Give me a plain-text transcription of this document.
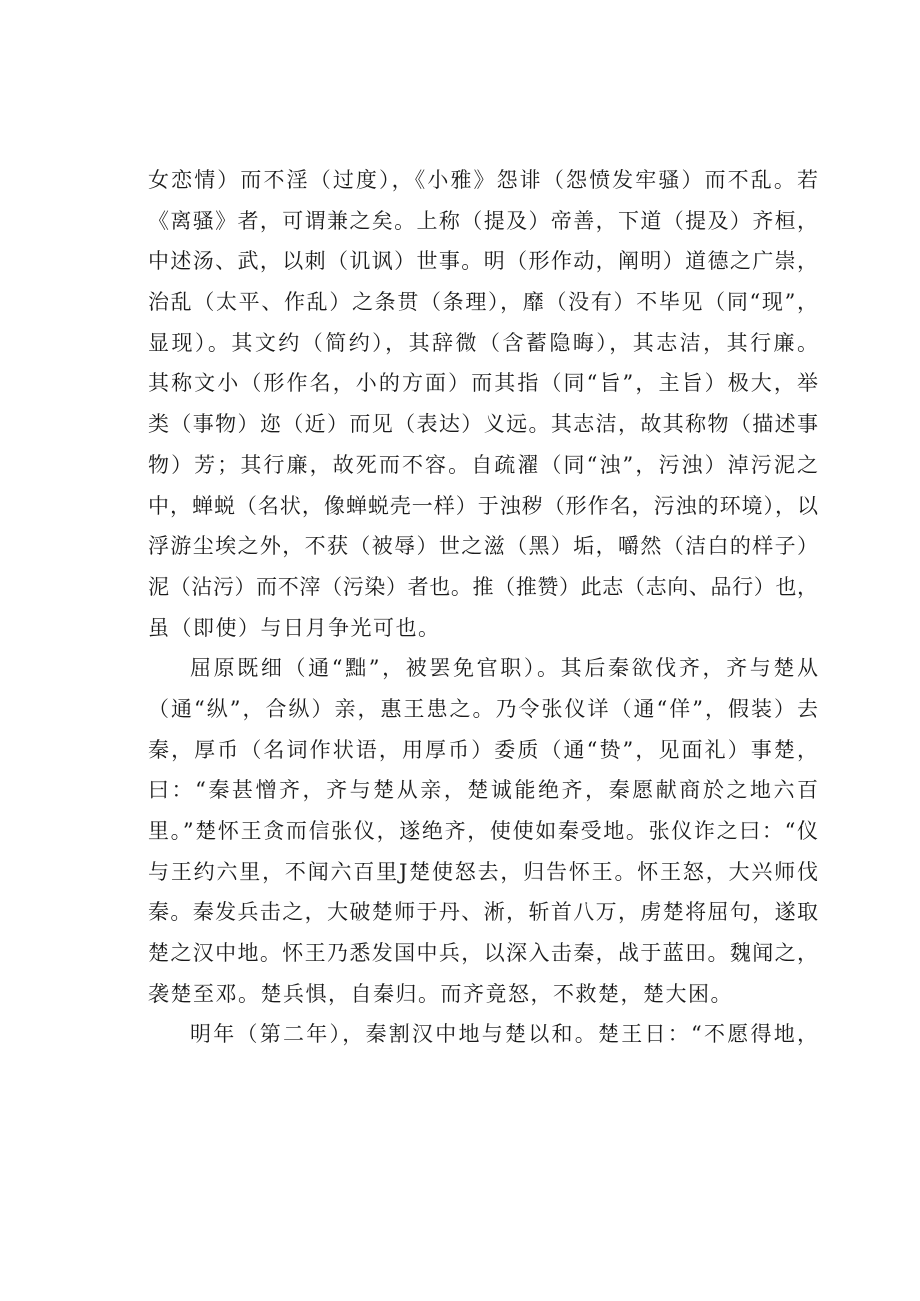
女恋情）而不淫（过度），《小雅》怨诽（怨愤发牢骚）而不乱。若
《离骚》者，可谓兼之矣。上称（提及）帝善，下道（提及）齐桓，
中述汤、武，以刺（讥讽）世事。明（形作动，阐明）道德之广崇，
治乱（太平、作乱）之条贯（条理），靡（没有）不毕见（同“现”，
显现）。其文约（简约），其辞微（含蓄隐晦），其志洁，其行廉。
其称文小（形作名，小的方面）而其指（同“旨”，主旨）极大，举
类（事物）迩（近）而见（表达）义远。其志洁，故其称物（描述事
物）芳；其行廉，故死而不容。自疏濯（同“浊”，污浊）淖污泥之
中，蝉蜕（名状，像蝉蜕壳一样）于浊秽（形作名，污浊的环境），以
浮游尘埃之外，不获（被辱）世之滋（黑）垢，嚼然（洁白的样子）
泥（沾污）而不滓（污染）者也。推（推赞）此志（志向、品行）也，
虽（即使）与日月争光可也。
屈原既细（通“黜”，被罢免官职）。其后秦欲伐齐，齐与楚从
（通“纵”，合纵）亲，惠王患之。乃令张仪详（通“佯”，假装）去
秦，厚币（名词作状语，用厚币）委质（通“贽”，见面礼）事楚，
曰：“秦甚憎齐，齐与楚从亲，楚诚能绝齐，秦愿献商於之地六百
里。”楚怀王贪而信张仪，遂绝齐，使使如秦受地。张仪诈之曰：“仪
与王约六里，不闻六百里J楚使怒去，归告怀王。怀王怒，大兴师伐
秦。秦发兵击之，大破楚师于丹、淅，斩首八万，虏楚将屈句，遂取
楚之汉中地。怀王乃悉发国中兵，以深入击秦，战于蓝田。魏闻之，
袭楚至邓。楚兵惧，自秦归。而齐竟怒，不救楚，楚大困。
明年（第二年），秦割汉中地与楚以和。楚王日：“不愿得地，
